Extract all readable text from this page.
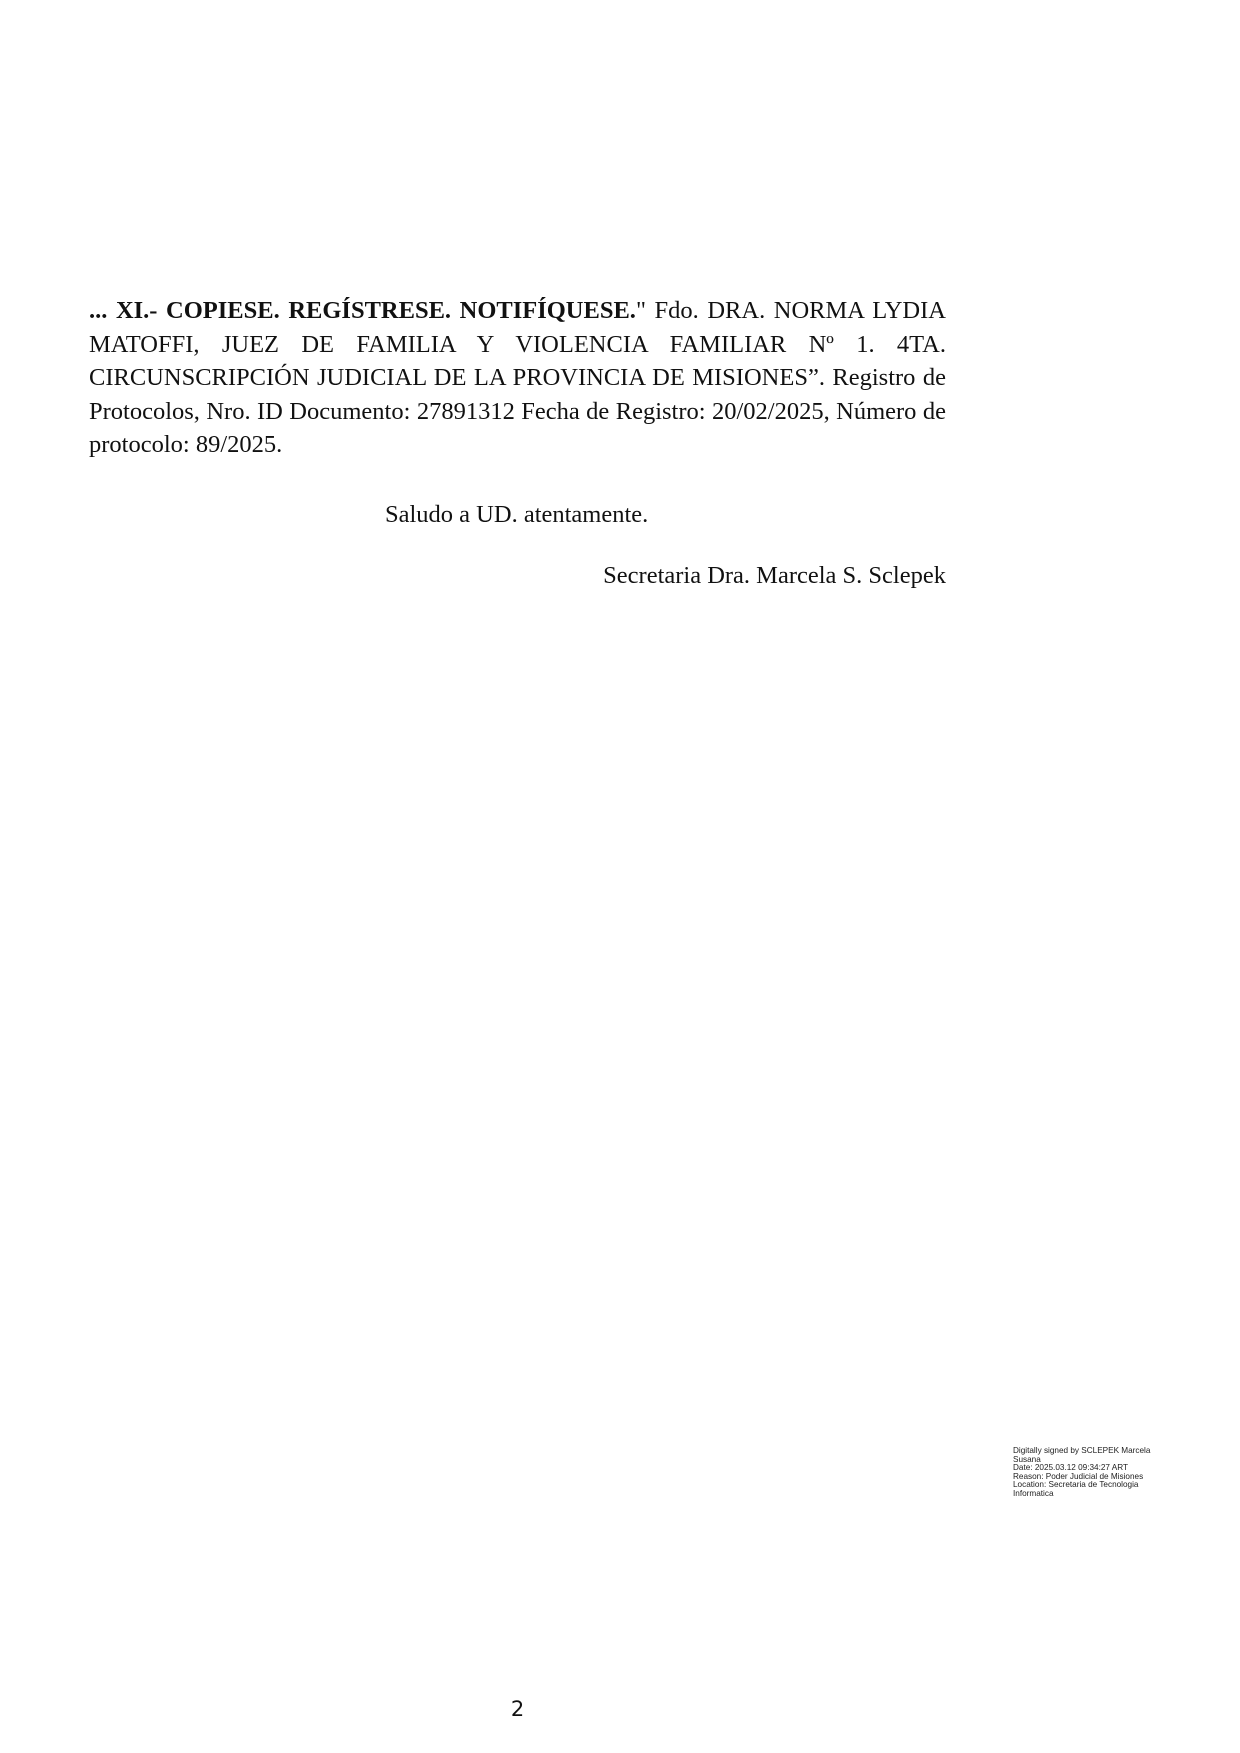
... XI.- COPIESE. REGÍSTRESE. NOTIFÍQUESE." Fdo. DRA. NORMA LYDIA MATOFFI, JUEZ DE FAMILIA Y VIOLENCIA FAMILIAR Nº 1. 4TA. CIRCUNSCRIPCIÓN JUDICIAL DE LA PROVINCIA DE MISIONES”. Registro de Protocolos, Nro. ID Documento: 27891312 Fecha de Registro: 20/02/2025, Número de protocolo: 89/2025.

Saludo a UD. atentamente.

Secretaria Dra. Marcela S. Sclepek

Digitally signed by SCLEPEK Marcela Susana
Date: 2025.03.12 09:34:27 ART
Reason: Poder Judicial de Misiones
Location: Secretaria de Tecnologia Informatica

2
